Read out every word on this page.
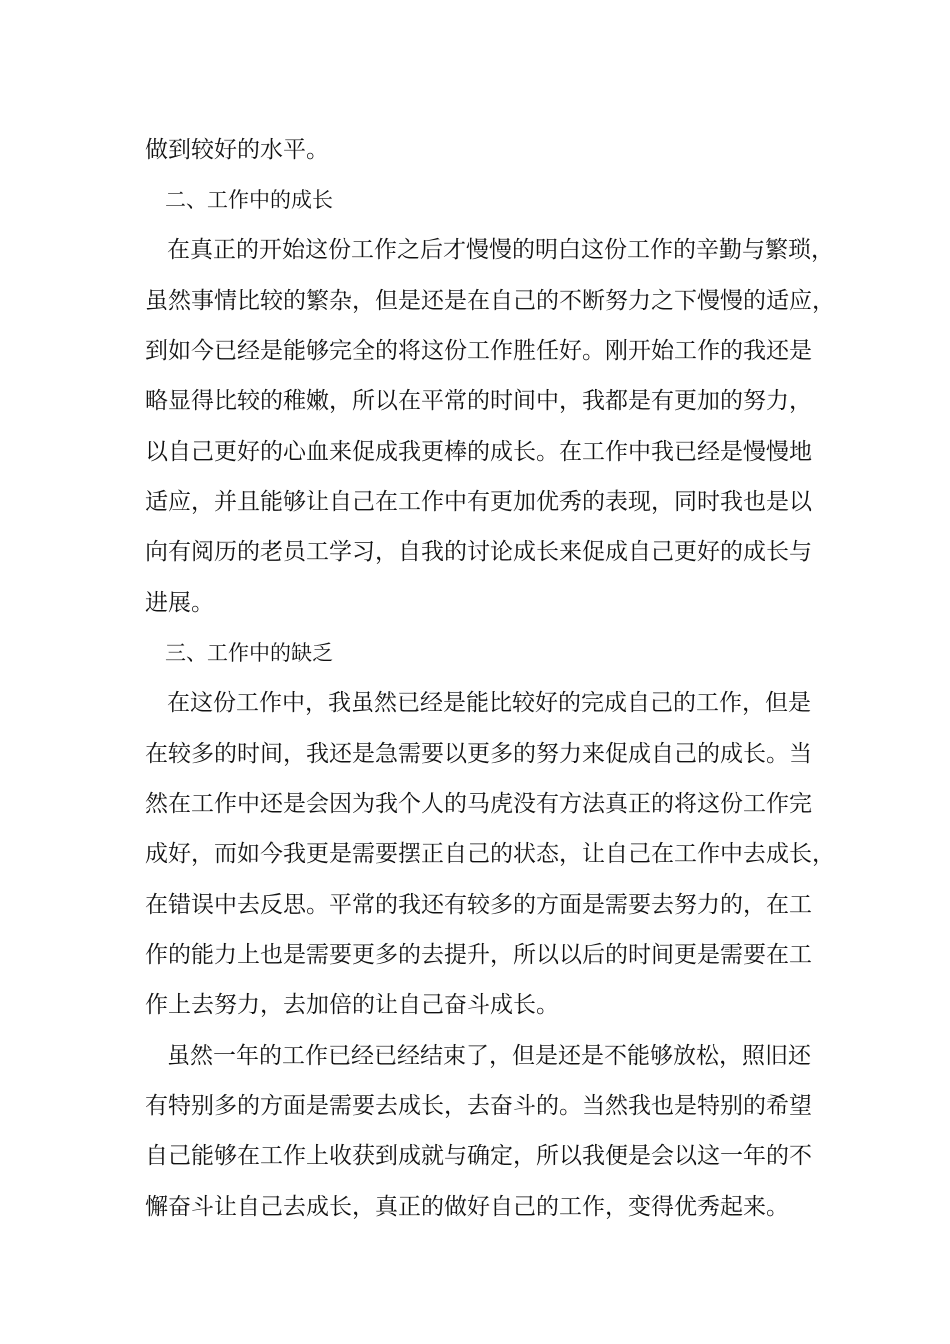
做到较好的水平。

二、工作中的成长

在真正的开始这份工作之后才慢慢的明白这份工作的辛勤与繁琐，

虽然事情比较的繁杂，但是还是在自己的不断努力之下慢慢的适应，

到如今已经是能够完全的将这份工作胜任好。刚开始工作的我还是

略显得比较的稚嫩，所以在平常的时间中，我都是有更加的努力，

以自己更好的心血来促成我更棒的成长。在工作中我已经是慢慢地

适应，并且能够让自己在工作中有更加优秀的表现，同时我也是以

向有阅历的老员工学习，自我的讨论成长来促成自己更好的成长与

进展。

三、工作中的缺乏

在这份工作中，我虽然已经是能比较好的完成自己的工作，但是

在较多的时间，我还是急需要以更多的努力来促成自己的成长。当

然在工作中还是会因为我个人的马虎没有方法真正的将这份工作完

成好，而如今我更是需要摆正自己的状态，让自己在工作中去成长，

在错误中去反思。平常的我还有较多的方面是需要去努力的，在工

作的能力上也是需要更多的去提升，所以以后的时间更是需要在工

作上去努力，去加倍的让自己奋斗成长。

虽然一年的工作已经已经结束了，但是还是不能够放松，照旧还

有特别多的方面是需要去成长，去奋斗的。当然我也是特别的希望

自己能够在工作上收获到成就与确定，所以我便是会以这一年的不

懈奋斗让自己去成长，真正的做好自己的工作，变得优秀起来。
